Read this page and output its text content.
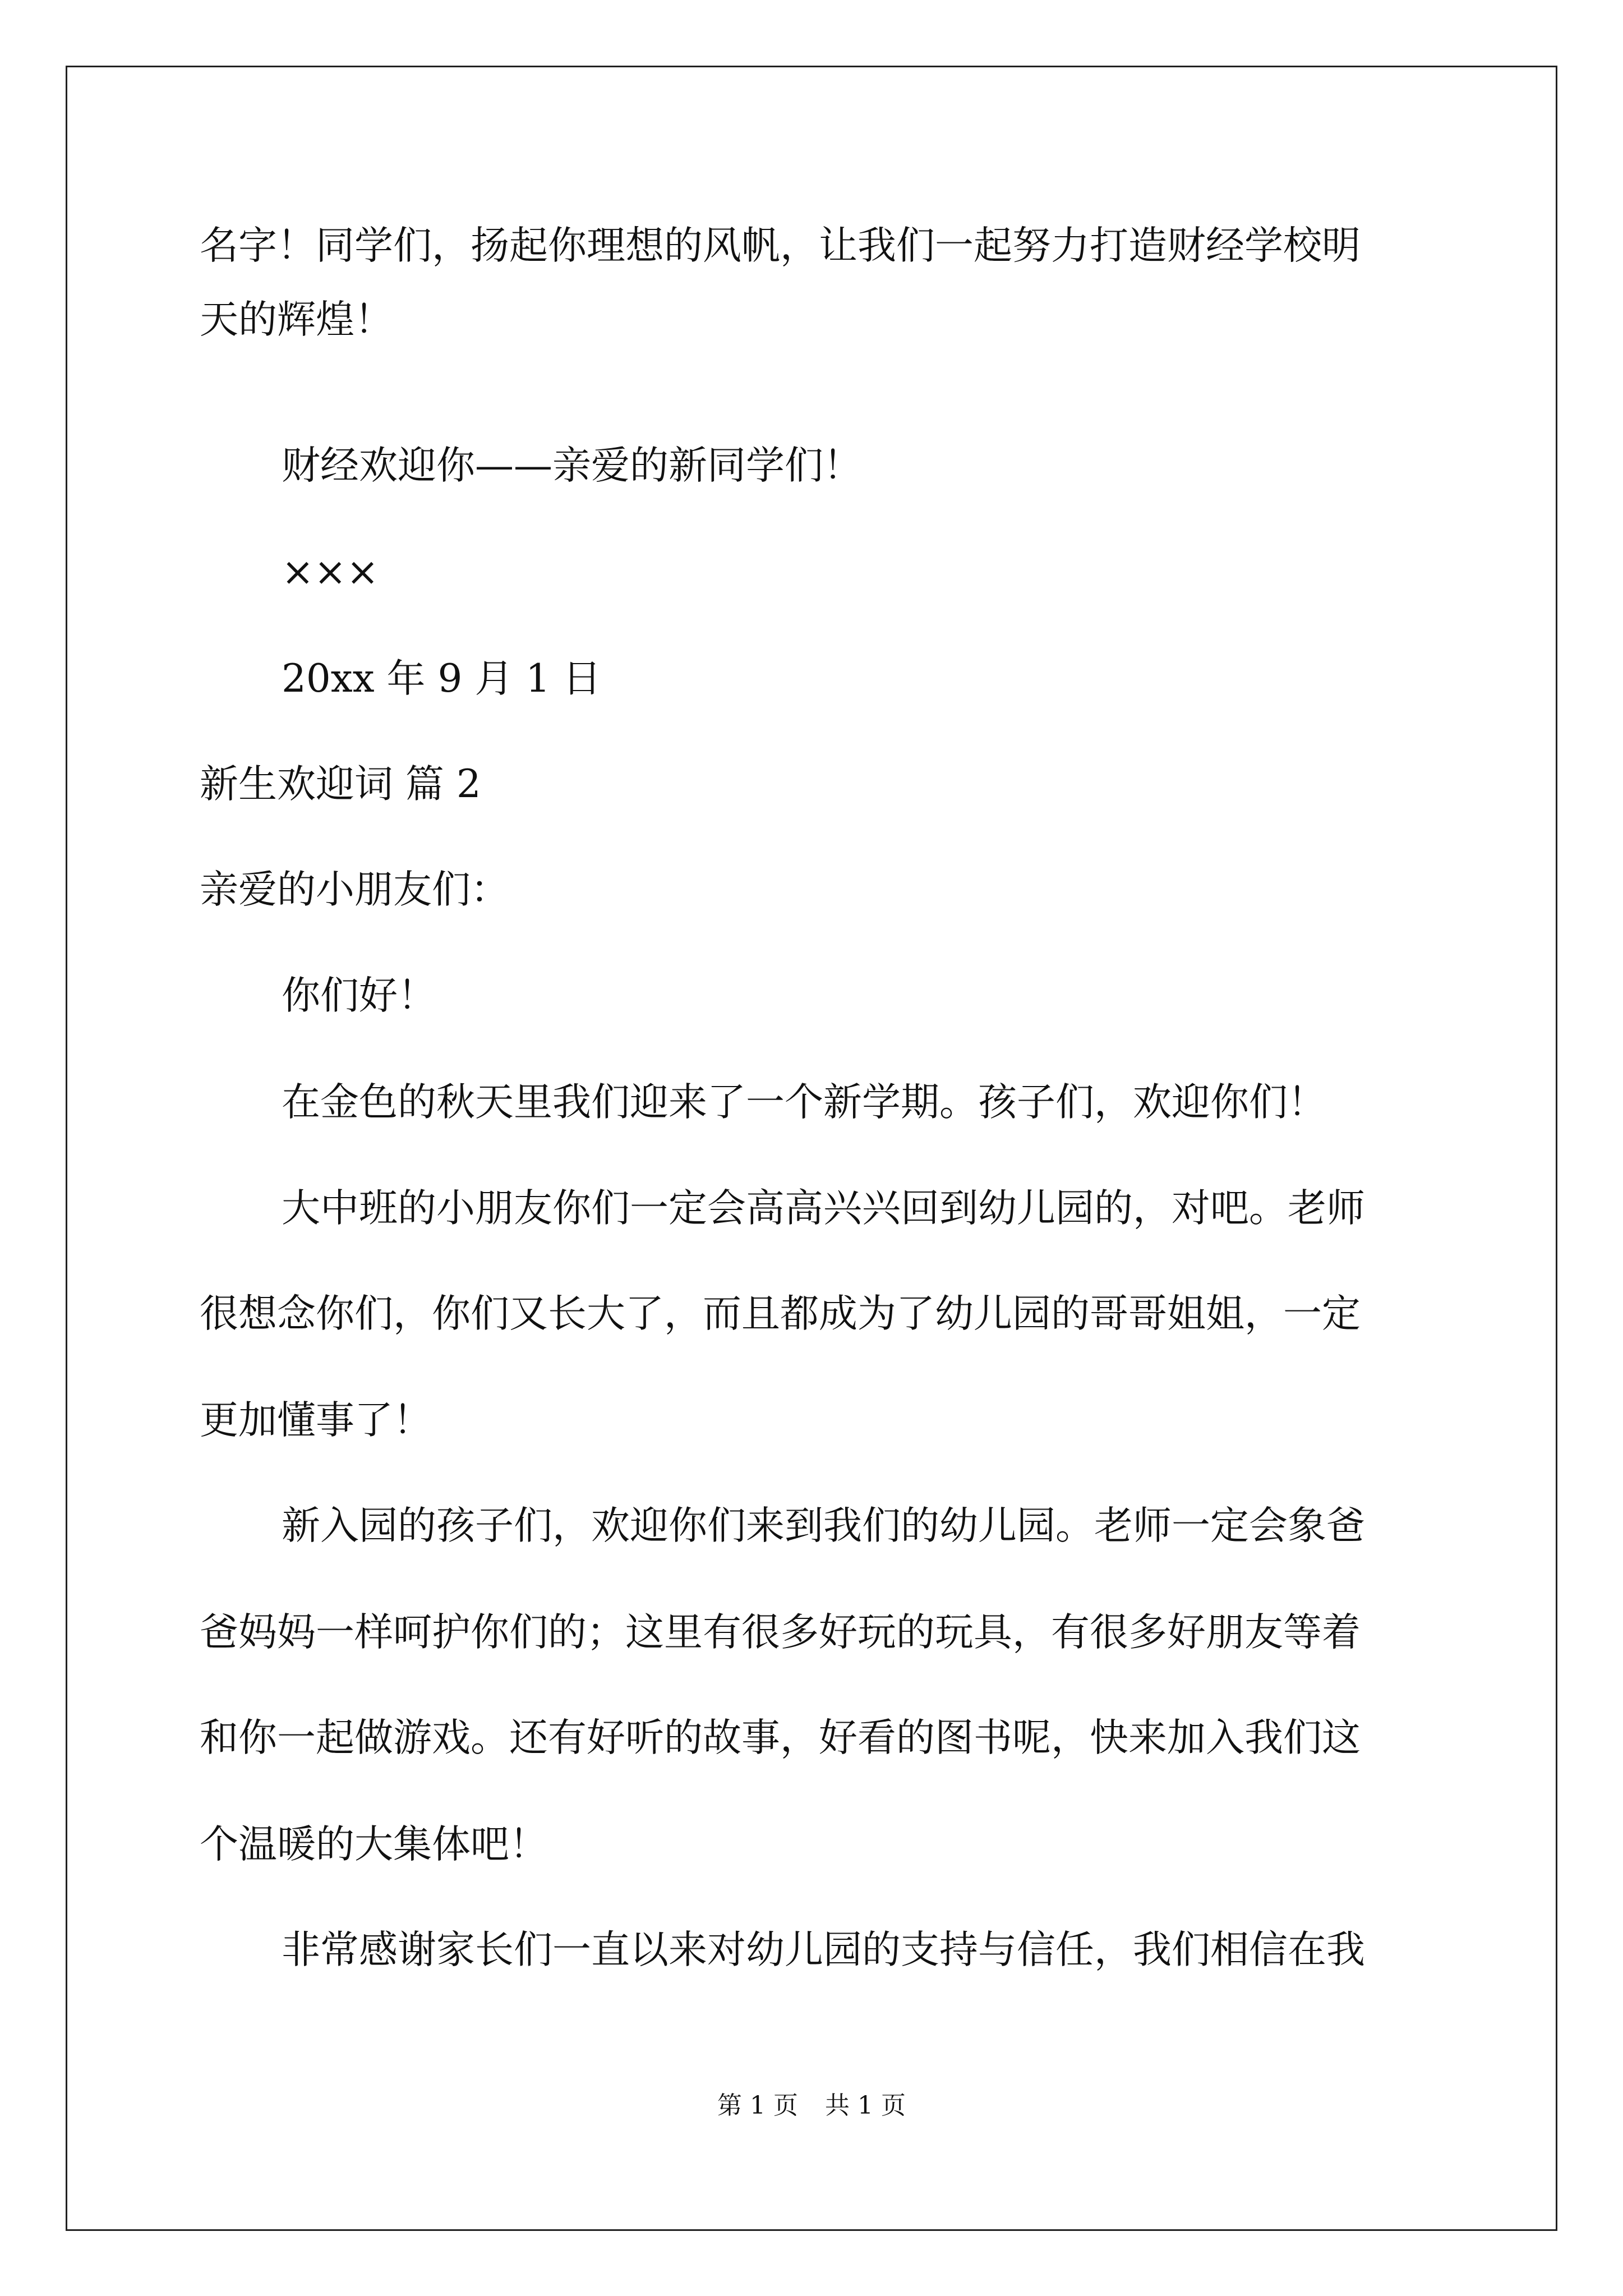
名字！同学们，扬起你理想的风帆，让我们一起努力打造财经学校明
天的辉煌！
财经欢迎你——亲爱的新同学们！
×××
20xx 年 9 月 1 日
新生欢迎词 篇 2
亲爱的小朋友们：
你们好！
在金色的秋天里我们迎来了一个新学期。孩子们，欢迎你们！
大中班的小朋友你们一定会高高兴兴回到幼儿园的，对吧。老师
很想念你们，你们又长大了，而且都成为了幼儿园的哥哥姐姐，一定
更加懂事了！
新入园的孩子们，欢迎你们来到我们的幼儿园。老师一定会象爸
爸妈妈一样呵护你们的；这里有很多好玩的玩具，有很多好朋友等着
和你一起做游戏。还有好听的故事，好看的图书呢，快来加入我们这
个温暖的大集体吧！
非常感谢家长们一直以来对幼儿园的支持与信任，我们相信在我
第 1 页 共 1 页
